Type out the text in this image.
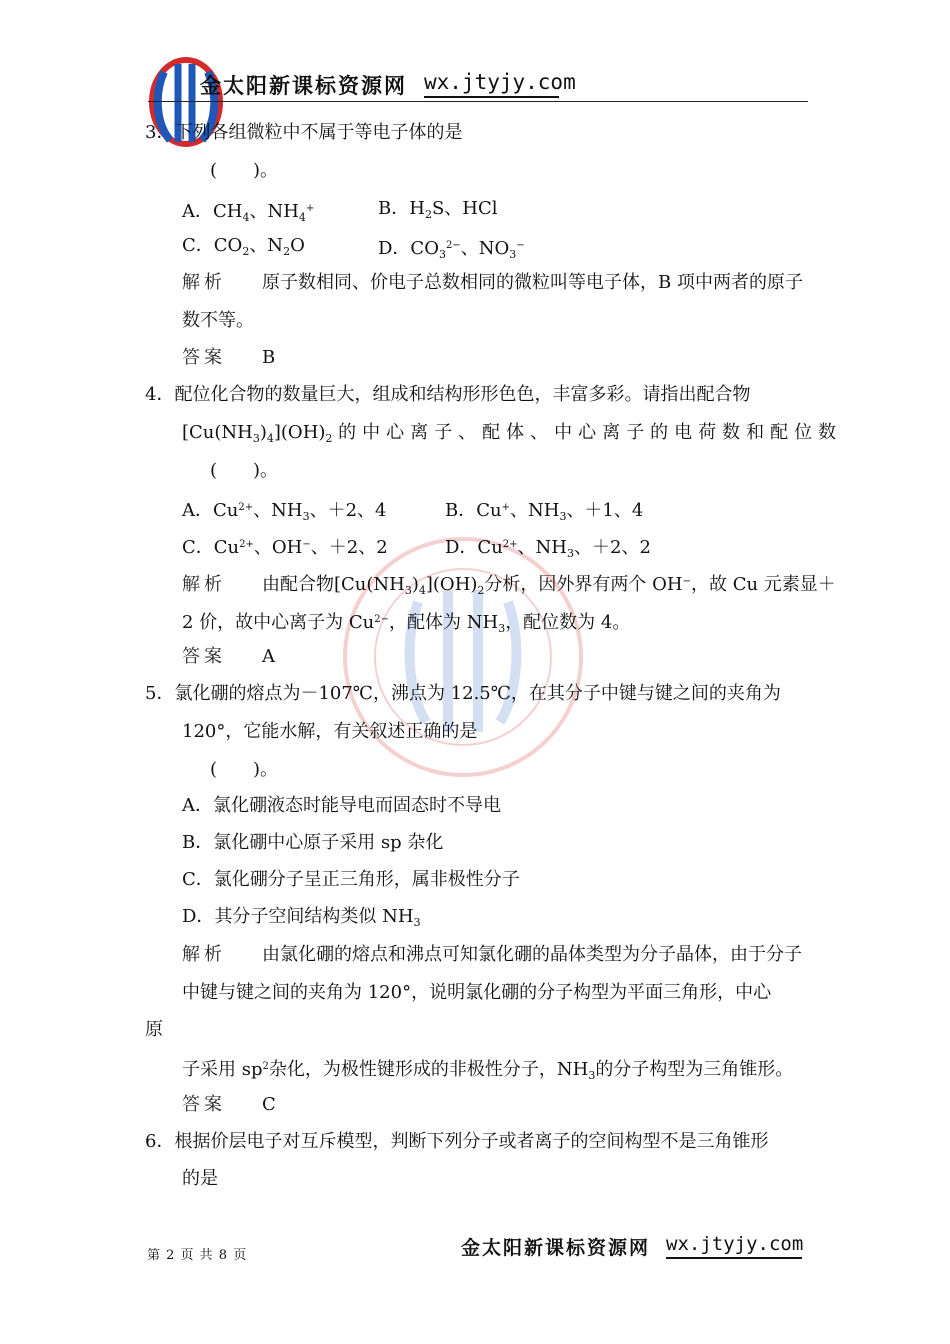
金太阳新课标资源网 wx.jtyjy.com
3．下列各组微粒中不属于等电子体的是
(　　)。
A．$CH_4$、$NH_4^+$	B．$H_2S$、HCl
C．$CO_2$、$N_2O$	D．$CO_3^{2-}$、$NO_3^-$
解析　　 原子数相同、价电子总数相同的微粒叫等电子体，B 项中两者的原子
数不等。
答案　　 B
4．配位化合物的数量巨大，组成和结构形形色色，丰富多彩。请指出配合物
$[Cu(NH_3)_4](OH)_2$ 的中心离子、配体、中心离子的电荷数和配位数
(　　)。
A．$Cu^{2+}$、$NH_3$、＋2、4	B．Cu+、$NH_3$、＋1、4
C．$Cu^{2+}$、OH−、＋2、2	D．$Cu^{2+}$、$NH_3$、＋2、2
解析　　 由配合物$[Cu(NH_3)_4](OH)_2$分析，因外界有两个 OH−，故 Cu 元素显＋
2 价，故中心离子为 $Cu^{2-}$，配体为 $NH_3$，配位数为 4。
答案　　 A
5．氯化硼的熔点为－107℃，沸点为 12.5℃，在其分子中键与键之间的夹角为
120°，它能水解，有关叙述正确的是
(　　)。
A．氯化硼液态时能导电而固态时不导电
B．氯化硼中心原子采用 sp 杂化
C．氯化硼分子呈正三角形，属非极性分子
D．其分子空间结构类似 $NH_3$
解析　　 由氯化硼的熔点和沸点可知氯化硼的晶体类型为分子晶体，由于分子
中键与键之间的夹角为 120°，说明氯化硼的分子构型为平面三角形，中心
原
子采用 $sp^2$杂化，为极性键形成的非极性分子，$NH_3$的分子构型为三角锥形。
答案　　 C
6．根据价层电子对互斥模型，判断下列分子或者离子的空间构型不是三角锥形
的是
第 2 页 共 8 页	金太阳新课标资源网 wx.jtyjy.com
